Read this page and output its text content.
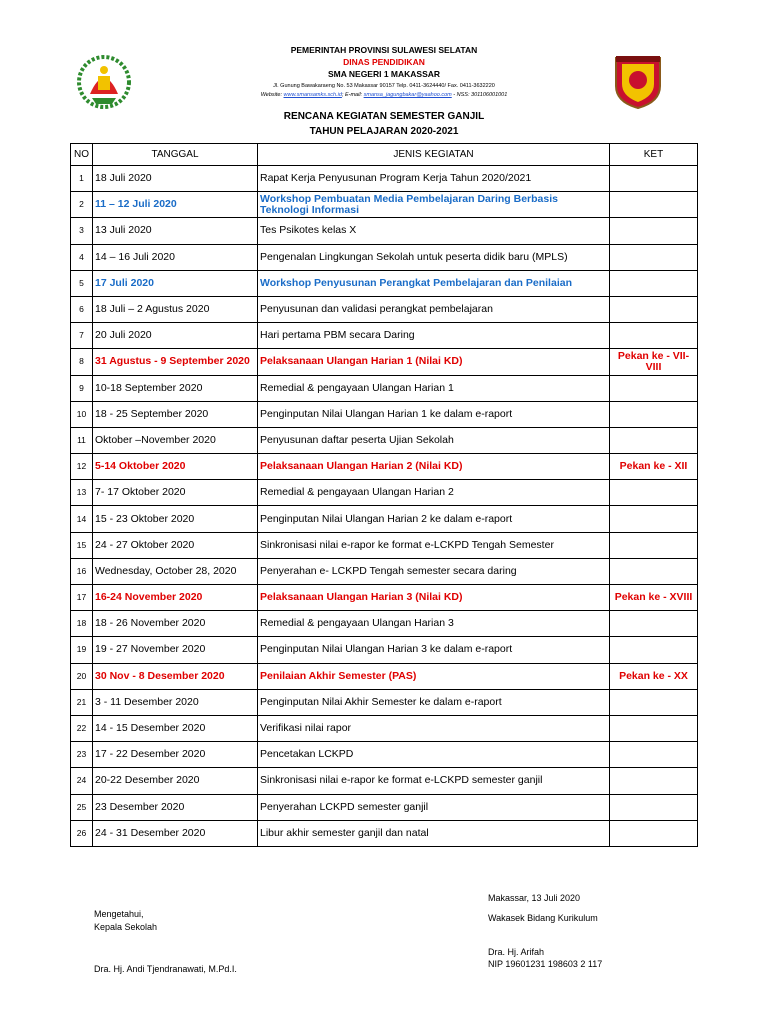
PEMERINTAH PROVINSI SULAWESI SELATAN
DINAS PENDIDIKAN
SMA NEGERI 1 MAKASSAR
Jl. Gunung Bawakaraeng No. 53 Makassar 90157 Telp. 0411-3624440/ Fax. 0411-3632220
Website: www.smansamks.sch.id; E-mail: smansa_jagungbakar@yaahoo.com - NSS: 301106001001
RENCANA KEGIATAN SEMESTER GANJIL
TAHUN PELAJARAN 2020-2021
NO	TANGGAL	JENIS KEGIATAN	KET
1	18 Juli 2020	Rapat Kerja Penyusunan Program Kerja Tahun 2020/2021	
2	11 – 12 Juli 2020	Workshop Pembuatan Media Pembelajaran Daring Berbasis Teknologi Informasi	
3	13 Juli 2020	Tes Psikotes kelas X	
4	14 – 16 Juli 2020	Pengenalan Lingkungan Sekolah untuk peserta didik baru (MPLS)	
5	17 Juli 2020	Workshop Penyusunan Perangkat Pembelajaran dan Penilaian	
6	18 Juli – 2 Agustus 2020	Penyusunan dan validasi perangkat pembelajaran	
7	20 Juli 2020	Hari pertama PBM secara Daring	
8	31 Agustus - 9 September 2020	Pelaksanaan Ulangan Harian 1 (Nilai KD)	Pekan ke - VII-VIII
9	10-18 September 2020	Remedial & pengayaan Ulangan Harian 1	
10	18 - 25 September 2020	Penginputan Nilai Ulangan Harian 1 ke dalam e-raport	
11	Oktober –November 2020	Penyusunan daftar peserta Ujian Sekolah	
12	5-14 Oktober 2020	Pelaksanaan Ulangan Harian 2 (Nilai KD)	Pekan ke - XII
13	7- 17 Oktober 2020	Remedial & pengayaan Ulangan Harian 2	
14	15 - 23 Oktober 2020	Penginputan Nilai Ulangan Harian 2 ke dalam e-raport	
15	24 - 27 Oktober 2020	Sinkronisasi nilai e-rapor ke format e-LCKPD Tengah Semester	
16	Wednesday, October 28, 2020	Penyerahan e- LCKPD Tengah semester secara daring	
17	16-24 November 2020	Pelaksanaan Ulangan Harian 3 (Nilai KD)	Pekan ke - XVIII
18	18 - 26 November 2020	Remedial & pengayaan Ulangan Harian 3	
19	19 - 27 November 2020	Penginputan Nilai Ulangan Harian 3 ke dalam e-raport	
20	30 Nov - 8 Desember 2020	Penilaian Akhir Semester (PAS)	Pekan ke - XX
21	3 - 11 Desember 2020	Penginputan Nilai Akhir Semester ke dalam e-raport	
22	14 - 15 Desember 2020	Verifikasi nilai rapor	
23	17 - 22 Desember 2020	Pencetakan LCKPD	
24	20-22 Desember 2020	Sinkronisasi nilai e-rapor ke format e-LCKPD semester ganjil	
25	23 Desember 2020	Penyerahan LCKPD semester ganjil	
26	24 - 31 Desember 2020	Libur akhir semester ganjil dan natal	
Makassar, 13 Juli 2020
Wakasek Bidang Kurikulum
Dra. Hj. Arifah
NIP 19601231 198603 2 117
Mengetahui,
Kepala Sekolah
Dra. Hj. Andi Tjendranawati, M.Pd.I.
